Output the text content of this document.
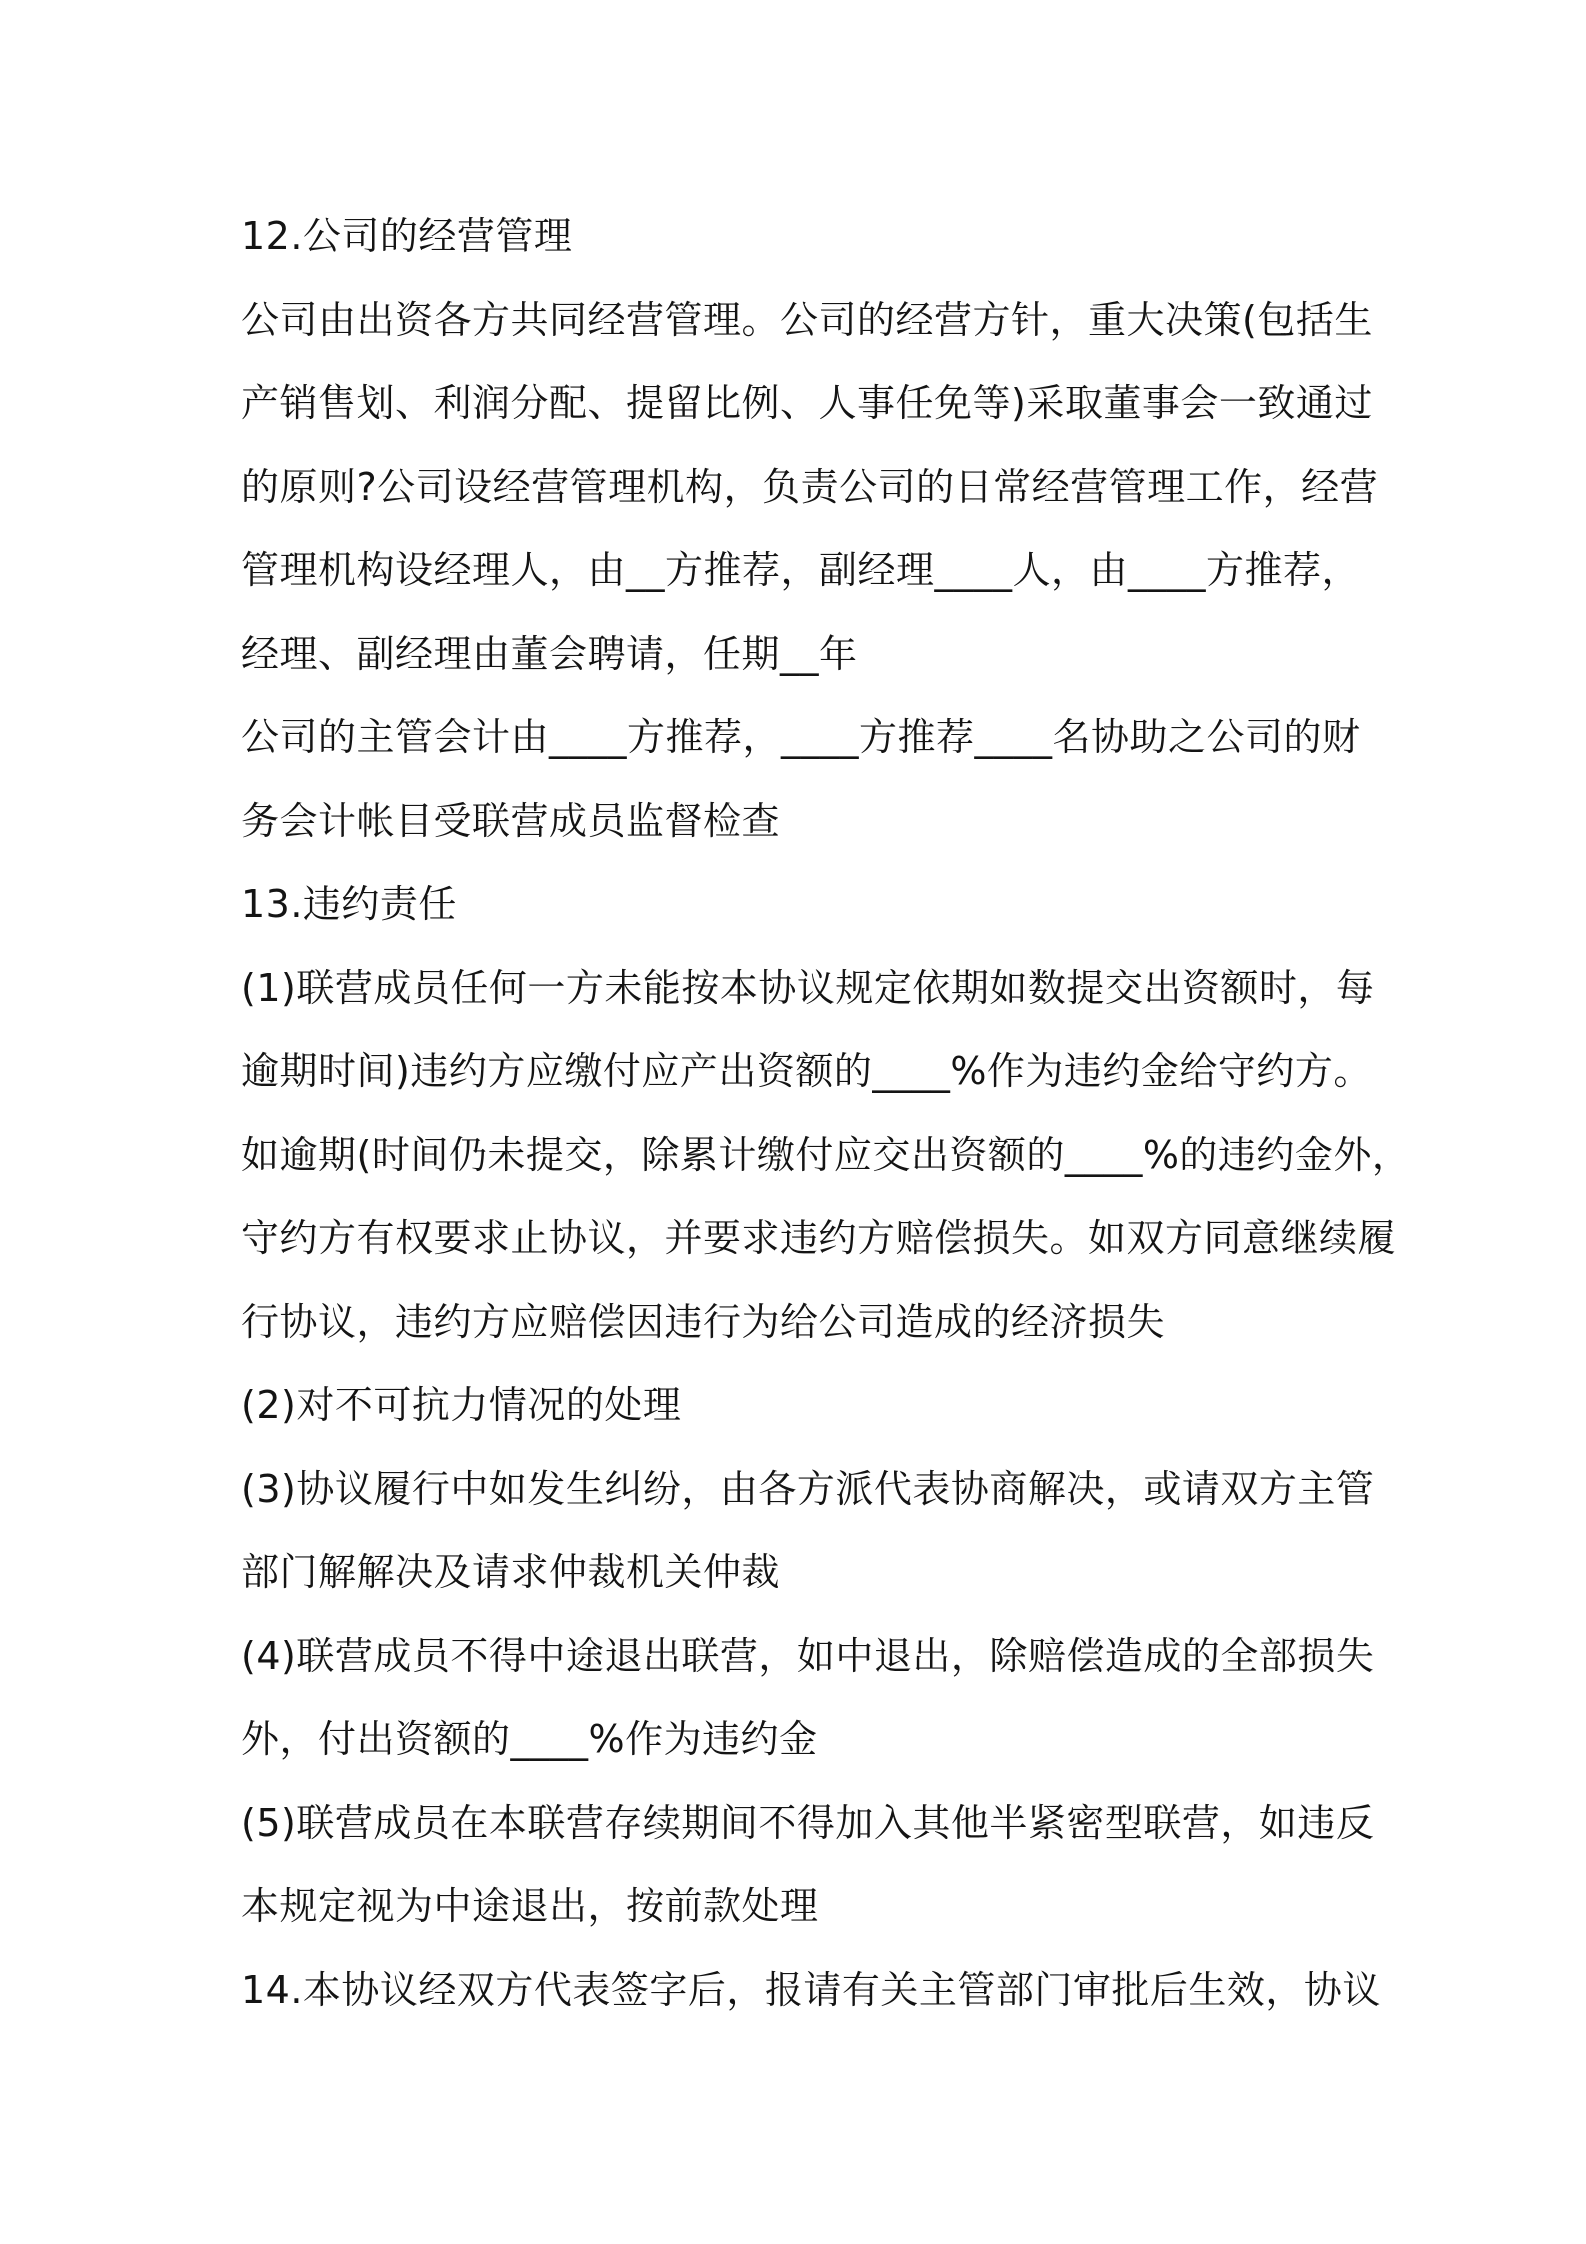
12.公司的经营管理
公司由出资各方共同经营管理。公司的经营方针，重大决策(包括生
产销售划、利润分配、提留比例、人事任免等)采取董事会一致通过
的原则?公司设经营管理机构，负责公司的日常经营管理工作，经营
管理机构设经理人，由__方推荐，副经理____人，由____方推荐，
经理、副经理由董会聘请，任期__年
公司的主管会计由____方推荐，____方推荐____名协助之公司的财
务会计帐目受联营成员监督检查
13.违约责任
(1)联营成员任何一方未能按本协议规定依期如数提交出资额时，每
逾期时间)违约方应缴付应产出资额的____%作为违约金给守约方。
如逾期(时间仍未提交，除累计缴付应交出资额的____%的违约金外，
守约方有权要求止协议，并要求违约方赔偿损失。如双方同意继续履
行协议，违约方应赔偿因违行为给公司造成的经济损失
(2)对不可抗力情况的处理
(3)协议履行中如发生纠纷，由各方派代表协商解决，或请双方主管
部门解解决及请求仲裁机关仲裁
(4)联营成员不得中途退出联营，如中退出，除赔偿造成的全部损失
外，付出资额的____%作为违约金
(5)联营成员在本联营存续期间不得加入其他半紧密型联营，如违反
本规定视为中途退出，按前款处理
14.本协议经双方代表签字后，报请有关主管部门审批后生效，协议
